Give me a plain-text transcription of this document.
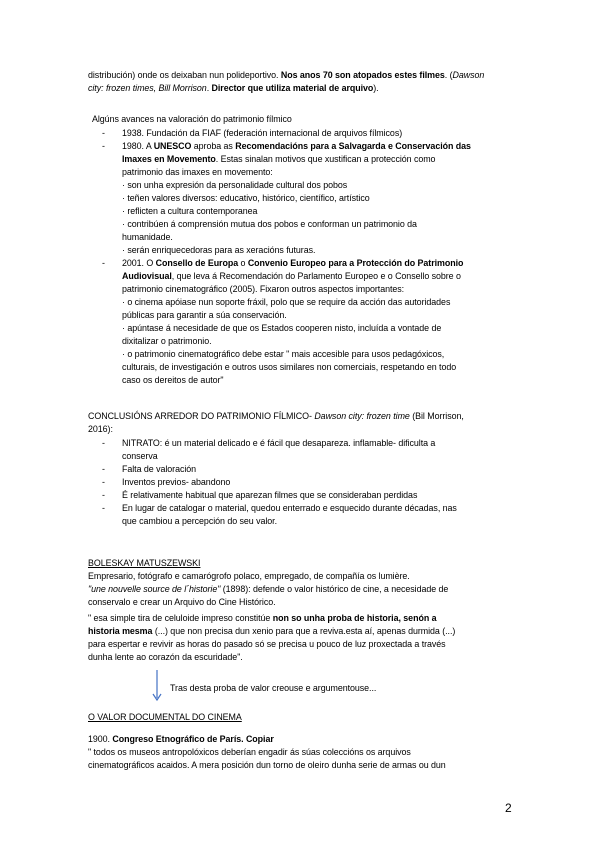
distribución) onde os deixaban nun polideportivo. Nos anos 70 son atopados estes filmes. (Dawson
city: frozen times, Bill Morrison. Director que utiliza material de arquivo).
Algúns avances na valoración do patrimonio fílmico
- 1938. Fundación da FIAF (federación internacional de arquivos fílmicos)
- 1980. A UNESCO aproba as Recomendacións para a Salvagarda e Conservación das
Imaxes en Movemento. Estas sinalan motivos que xustifican a protección como
patrimonio das imaxes en movemento:
· son unha expresión da personalidade cultural dos pobos
· teñen valores diversos: educativo, histórico, científico, artístico
· reflicten a cultura contemporanea
· contribúen á comprensión mutua dos pobos e conforman un patrimonio da
humanidade.
· serán enriquecedoras para as xeracións futuras.
- 2001. O Consello de Europa o Convenio Europeo para a Protección do Patrimonio
Audiovisual, que leva á Recomendación do Parlamento Europeo e o Consello sobre o
patrimonio cinematográfico (2005). Fixaron outros aspectos importantes:
· o cinema apóiase nun soporte fráxil, polo que se require da acción das autoridades
públicas para garantir a súa conservación.
· apúntase á necesidade de que os Estados cooperen nisto, incluída a vontade de
dixitalizar o patrimonio.
· o patrimonio cinematográfico debe estar " mais accesible para usos pedagóxicos,
culturais, de investigación e outros usos similares non comerciais, respetando en todo
caso os dereitos de autor"
CONCLUSIÓNS ARREDOR DO PATRIMONIO FÍLMICO- Dawson city: frozen time (Bil Morrison,
2016):
- NITRATO: é un material delicado e é fácil que desapareza. inflamable- dificulta a
conserva
- Falta de valoración
- Inventos previos- abandono
- É relativamente habitual que aparezan filmes que se consideraban perdidas
- En lugar de catalogar o material, quedou enterrado e esquecido durante décadas, nas
que cambiou a percepción do seu valor.
BOLESKAY MATUSZEWSKI
Empresario, fotógrafo e camarógrofo polaco, empregado, de compañía os lumière.
"une nouvelle source de l´historie" (1898): defende o valor histórico de cine, a necesidade de
conservalo e crear un Arquivo do Cine Histórico.
" esa simple tira de celuloide impreso constitúe non so unha proba de historia, senón a
historia mesma (...) que non precisa dun xenio para que a reviva.esta aí, apenas durmida (...)
para espertar e revivir as horas do pasado só se precisa u pouco de luz proxectada a través
dunha lente ao corazón da escuridade".
Tras desta proba de valor creouse e argumentouse...
O VALOR DOCUMENTAL DO CINEMA
1900. Congreso Etnográfico de París. Copiar
" todos os museos antropolóxicos deberían engadir ás súas coleccións os arquivos
cinematográficos acaidos. A mera posición dun torno de oleiro dunha serie de armas ou dun
2
